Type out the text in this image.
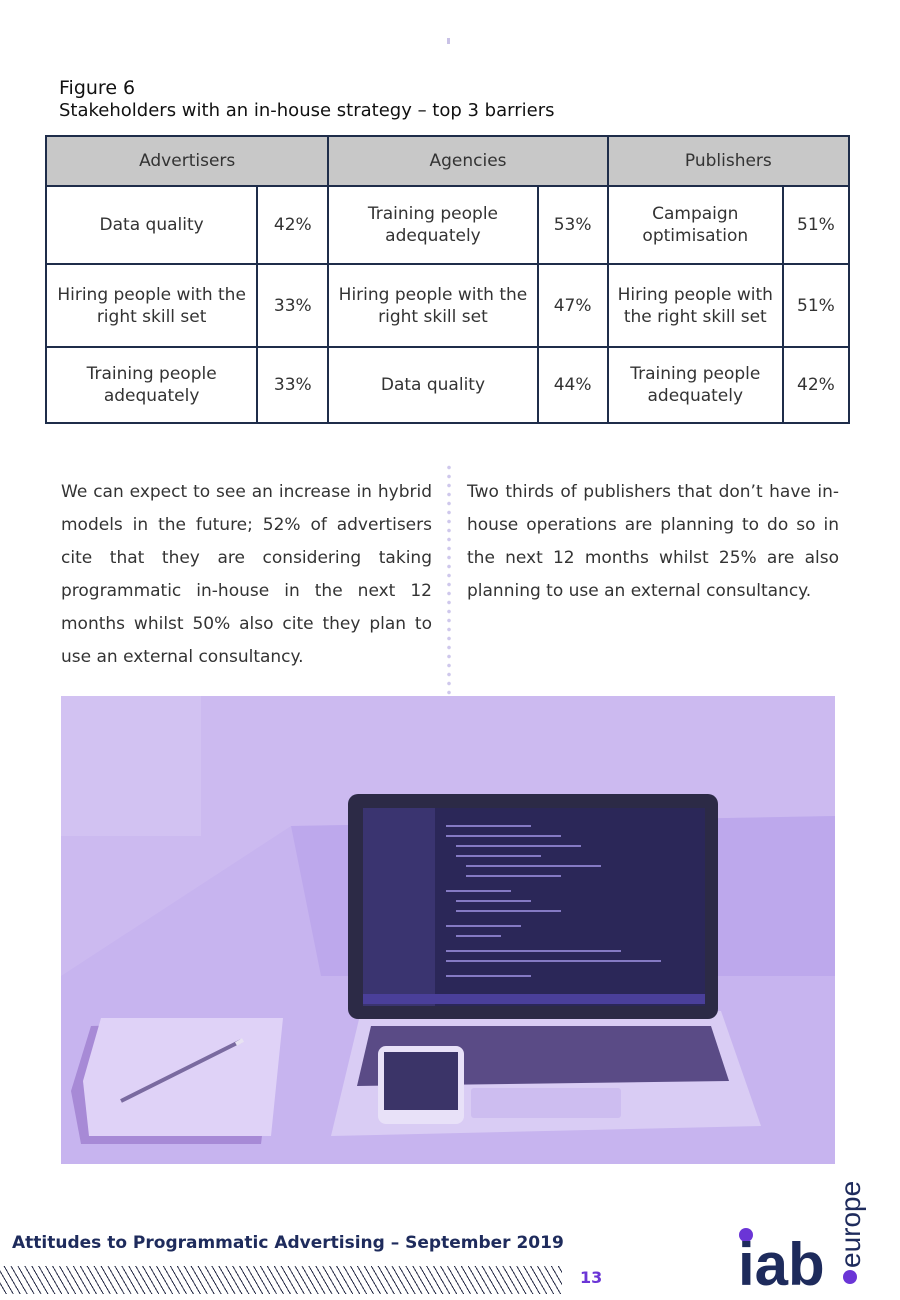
Figure 6
Stakeholders with an in-house strategy – top 3 barriers
Advertisers		Agencies		Publishers	
Data quality	42%	Training people adequately	53%	Campaign optimisation	51%
Hiring people with the right skill set	33%	Hiring people with the right skill set	47%	Hiring people with the right skill set	51%
Training people adequately	33%	Data quality	44%	Training people adequately	42%

We can expect to see an increase in hybrid models in the future; 52% of advertisers cite that they are considering taking programmatic in-house in the next 12 months whilst 50% also cite they plan to use an external consultancy.

Two thirds of publishers that don’t have in-house operations are planning to do so in the next 12 months whilst 25% are also planning to use an external consultancy.

Attitudes to Programmatic Advertising – September 2019
13 iab europe
